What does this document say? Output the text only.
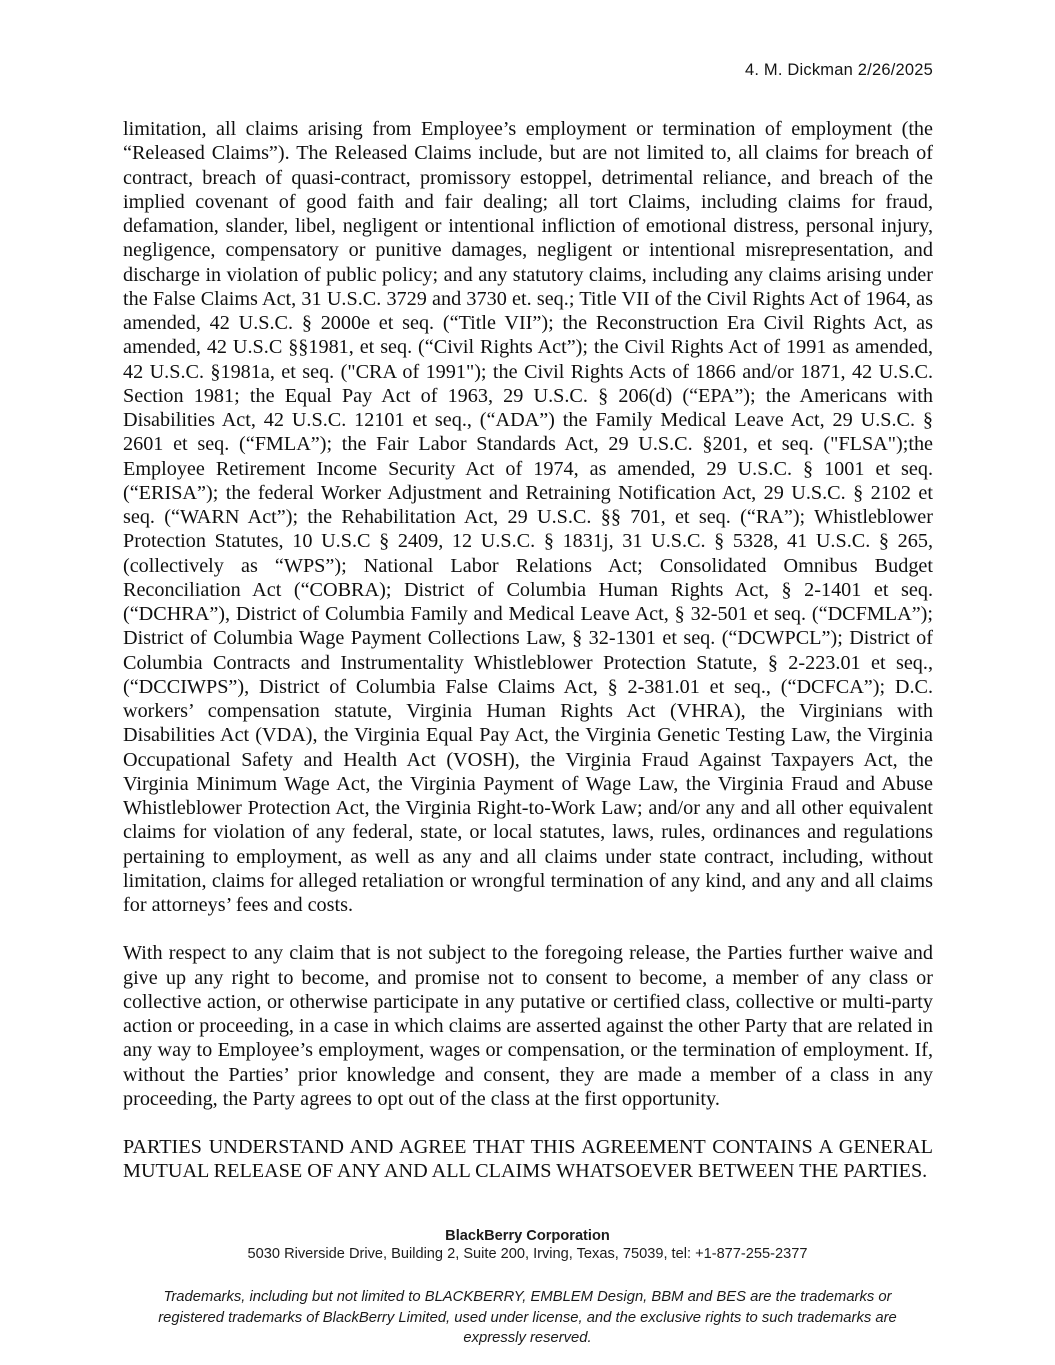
4. M. Dickman 2/26/2025

limitation, all claims arising from Employee’s employment or termination of employment (the “Released Claims”). The Released Claims include, but are not limited to, all claims for breach of contract, breach of quasi-contract, promissory estoppel, detrimental reliance, and breach of the implied covenant of good faith and fair dealing; all tort Claims, including claims for fraud, defamation, slander, libel, negligent or intentional infliction of emotional distress, personal injury, negligence, compensatory or punitive damages, negligent or intentional misrepresentation, and discharge in violation of public policy; and any statutory claims, including any claims arising under the False Claims Act, 31 U.S.C. 3729 and 3730 et. seq.; Title VII of the Civil Rights Act of 1964, as amended, 42 U.S.C. § 2000e et seq. (“Title VII”); the Reconstruction Era Civil Rights Act, as amended, 42 U.S.C §§1981, et seq. (“Civil Rights Act”); the Civil Rights Act of 1991 as amended, 42 U.S.C. §1981a, et seq. ("CRA of 1991"); the Civil Rights Acts of 1866 and/or 1871, 42 U.S.C. Section 1981; the Equal Pay Act of 1963, 29 U.S.C. § 206(d) (“EPA”); the Americans with Disabilities Act, 42 U.S.C. 12101 et seq., (“ADA”) the Family Medical Leave Act, 29 U.S.C. § 2601 et seq. (“FMLA”); the Fair Labor Standards Act, 29 U.S.C. §201, et seq. ("FLSA");the Employee Retirement Income Security Act of 1974, as amended, 29 U.S.C. § 1001 et seq. (“ERISA”); the federal Worker Adjustment and Retraining Notification Act, 29 U.S.C. § 2102 et seq. (“WARN Act”); the Rehabilitation Act, 29 U.S.C. §§ 701, et seq. (“RA”); Whistleblower Protection Statutes, 10 U.S.C § 2409, 12 U.S.C. § 1831j, 31 U.S.C. § 5328, 41 U.S.C. § 265, (collectively as “WPS”); National Labor Relations Act; Consolidated Omnibus Budget Reconciliation Act (“COBRA); District of Columbia Human Rights Act, § 2-1401 et seq. (“DCHRA”), District of Columbia Family and Medical Leave Act, § 32-501 et seq. (“DCFMLA”); District of Columbia Wage Payment Collections Law, § 32-1301 et seq. (“DCWPCL”); District of Columbia Contracts and Instrumentality Whistleblower Protection Statute, § 2-223.01 et seq., (“DCCIWPS”), District of Columbia False Claims Act, § 2-381.01 et seq., (“DCFCA”); D.C. workers’ compensation statute, Virginia Human Rights Act (VHRA), the Virginians with Disabilities Act (VDA), the Virginia Equal Pay Act, the Virginia Genetic Testing Law, the Virginia Occupational Safety and Health Act (VOSH), the Virginia Fraud Against Taxpayers Act, the Virginia Minimum Wage Act, the Virginia Payment of Wage Law, the Virginia Fraud and Abuse Whistleblower Protection Act, the Virginia Right-to-Work Law; and/or any and all other equivalent claims for violation of any federal, state, or local statutes, laws, rules, ordinances and regulations pertaining to employment, as well as any and all claims under state contract, including, without limitation, claims for alleged retaliation or wrongful termination of any kind, and any and all claims for attorneys’ fees and costs.

With respect to any claim that is not subject to the foregoing release, the Parties further waive and give up any right to become, and promise not to consent to become, a member of any class or collective action, or otherwise participate in any putative or certified class, collective or multi-party action or proceeding, in a case in which claims are asserted against the other Party that are related in any way to Employee’s employment, wages or compensation, or the termination of employment. If, without the Parties’ prior knowledge and consent, they are made a member of a class in any proceeding, the Party agrees to opt out of the class at the first opportunity.

PARTIES UNDERSTAND AND AGREE THAT THIS AGREEMENT CONTAINS A GENERAL MUTUAL RELEASE OF ANY AND ALL CLAIMS WHATSOEVER BETWEEN THE PARTIES.

BlackBerry Corporation
5030 Riverside Drive, Building 2, Suite 200, Irving, Texas, 75039, tel: +1-877-255-2377
Trademarks, including but not limited to BLACKBERRY, EMBLEM Design, BBM and BES are the trademarks or registered trademarks of BlackBerry Limited, used under license, and the exclusive rights to such trademarks are expressly reserved.
